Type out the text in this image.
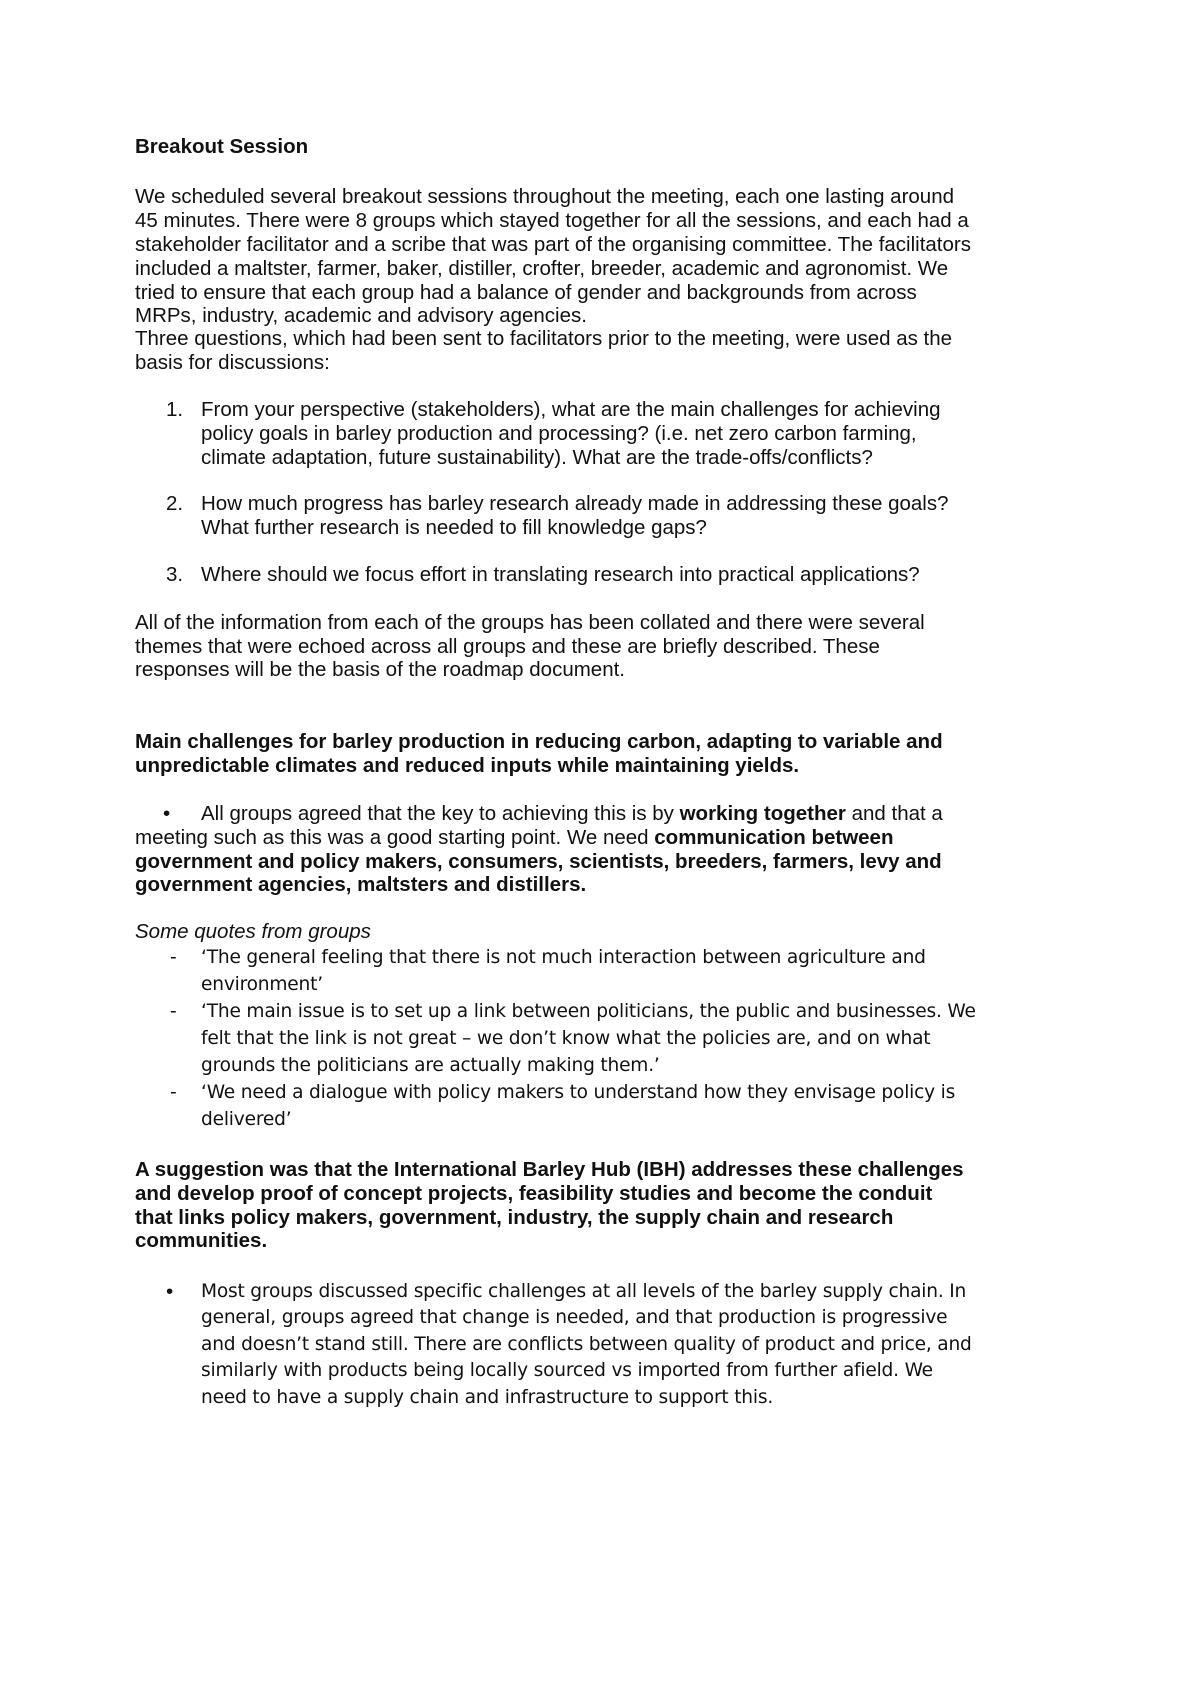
Breakout Session
We scheduled several breakout sessions throughout the meeting, each one lasting around
45 minutes. There were 8 groups which stayed together for all the sessions, and each had a
stakeholder facilitator and a scribe that was part of the organising committee. The facilitators
included a maltster, farmer, baker, distiller, crofter, breeder, academic and agronomist. We
tried to ensure that each group had a balance of gender and backgrounds from across
MRPs, industry, academic and advisory agencies.
Three questions, which had been sent to facilitators prior to the meeting, were used as the
basis for discussions:
1. From your perspective (stakeholders), what are the main challenges for achieving
policy goals in barley production and processing? (i.e. net zero carbon farming,
climate adaptation, future sustainability). What are the trade-offs/conflicts?
2. How much progress has barley research already made in addressing these goals?
What further research is needed to fill knowledge gaps?
3. Where should we focus effort in translating research into practical applications?
All of the information from each of the groups has been collated and there were several
themes that were echoed across all groups and these are briefly described. These
responses will be the basis of the roadmap document.
Main challenges for barley production in reducing carbon, adapting to variable and
unpredictable climates and reduced inputs while maintaining yields.
• All groups agreed that the key to achieving this is by working together and that a
meeting such as this was a good starting point. We need communication between
government and policy makers, consumers, scientists, breeders, farmers, levy and
government agencies, maltsters and distillers.
Some quotes from groups
- ‘The general feeling that there is not much interaction between agriculture and
environment’
- ‘The main issue is to set up a link between politicians, the public and businesses. We
felt that the link is not great – we don’t know what the policies are, and on what
grounds the politicians are actually making them.’
- ‘We need a dialogue with policy makers to understand how they envisage policy is
delivered’
A suggestion was that the International Barley Hub (IBH) addresses these challenges
and develop proof of concept projects, feasibility studies and become the conduit
that links policy makers, government, industry, the supply chain and research
communities.
• Most groups discussed specific challenges at all levels of the barley supply chain. In
general, groups agreed that change is needed, and that production is progressive
and doesn’t stand still. There are conflicts between quality of product and price, and
similarly with products being locally sourced vs imported from further afield. We
need to have a supply chain and infrastructure to support this.
